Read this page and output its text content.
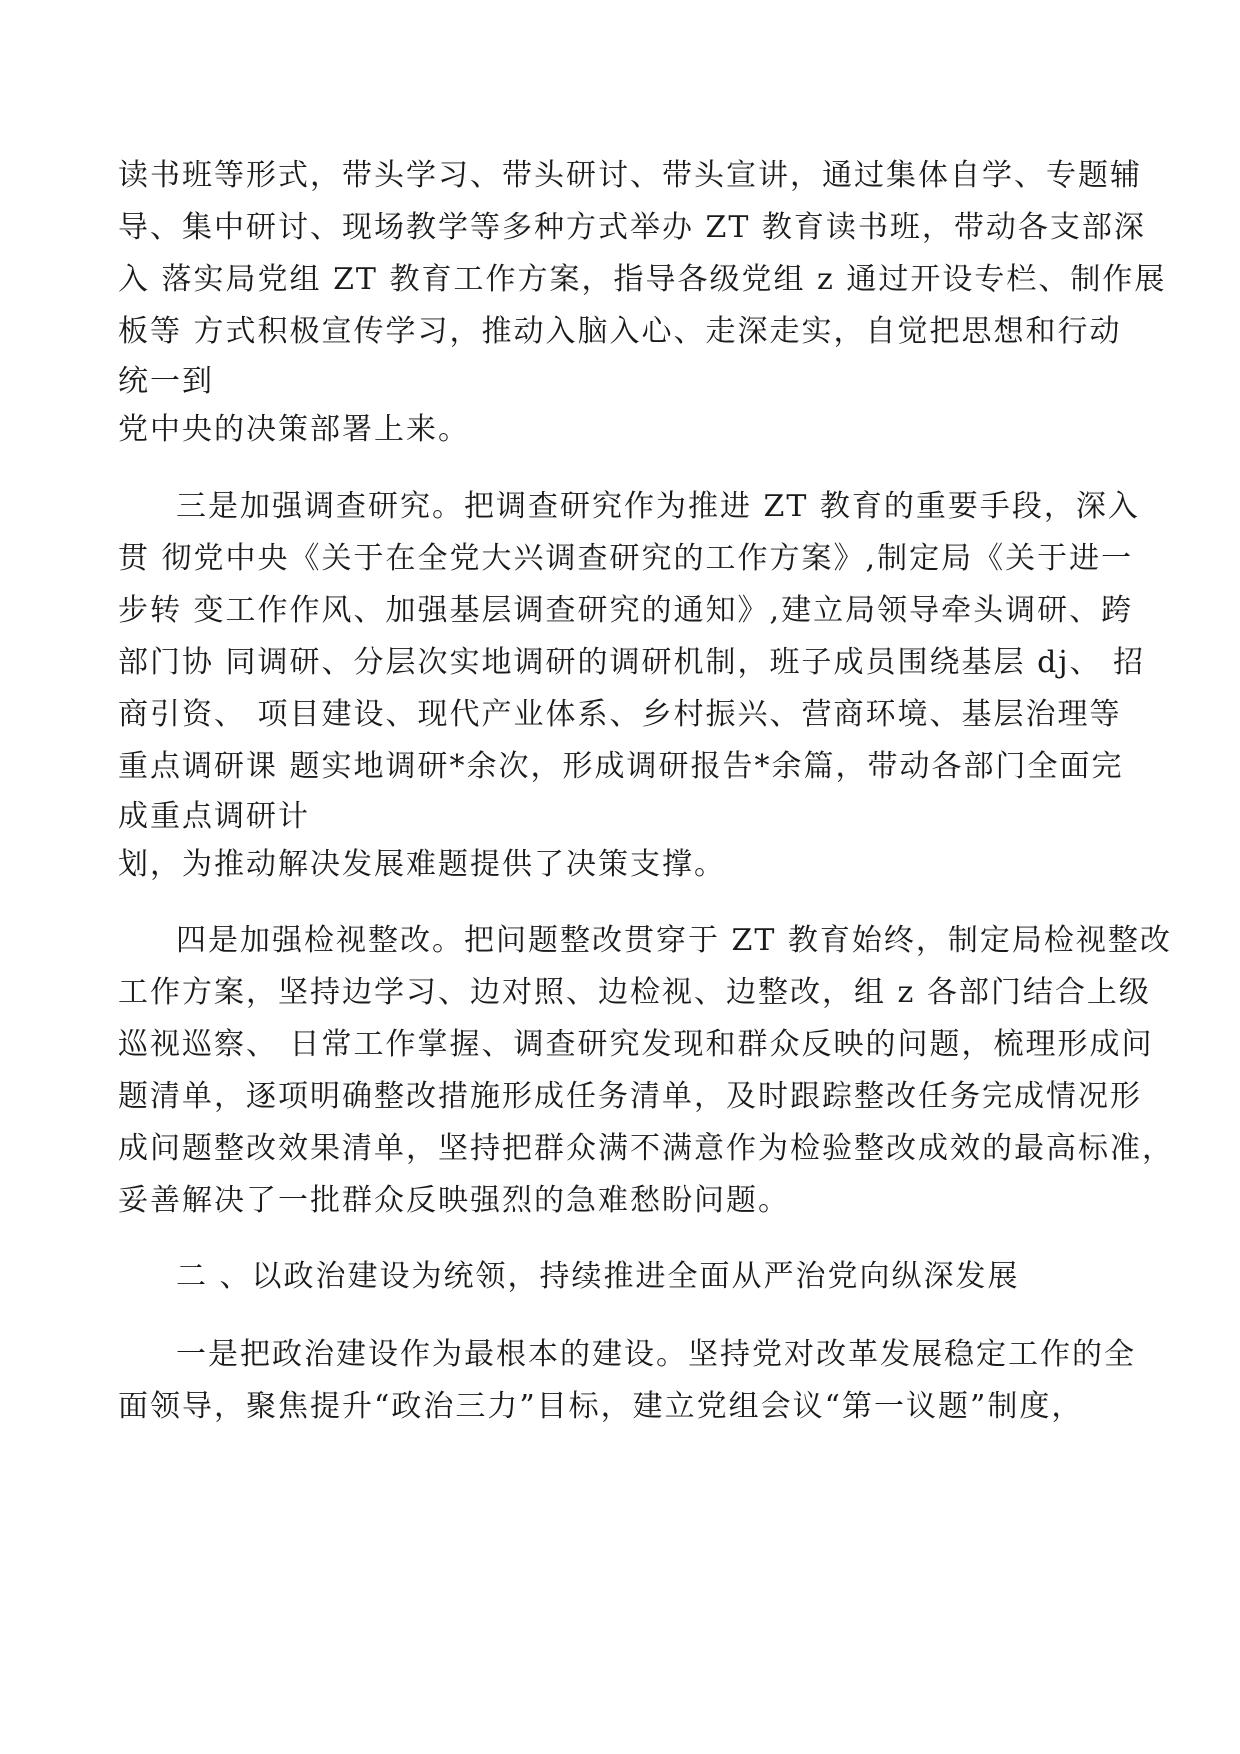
读书班等形式，带头学习、带头研讨、带头宣讲，通过集体自学、专题辅
导、集中研讨、现场教学等多种方式举办 ZT 教育读书班，带动各支部深
入 落实局党组 ZT 教育工作方案，指导各级党组 z 通过开设专栏、制作展
板等 方式积极宣传学习，推动入脑入心、走深走实，自觉把思想和行动
统一到
党中央的决策部署上来。
三是加强调查研究。把调查研究作为推进 ZT 教育的重要手段，深入
贯 彻党中央《关于在全党大兴调查研究的工作方案》,制定局《关于进一
步转 变工作作风、加强基层调查研究的通知》,建立局领导牵头调研、跨
部门协 同调研、分层次实地调研的调研机制，班子成员围绕基层 dj、 招
商引资、 项目建设、现代产业体系、乡村振兴、营商环境、基层治理等
重点调研课 题实地调研*余次，形成调研报告*余篇，带动各部门全面完
成重点调研计
划，为推动解决发展难题提供了决策支撑。
四是加强检视整改。把问题整改贯穿于 ZT 教育始终，制定局检视整改
工作方案，坚持边学习、边对照、边检视、边整改，组 z 各部门结合上级
巡视巡察、 日常工作掌握、调查研究发现和群众反映的问题，梳理形成问
题清单，逐项明确整改措施形成任务清单，及时跟踪整改任务完成情况形
成问题整改效果清单，坚持把群众满不满意作为检验整改成效的最高标准，
妥善解决了一批群众反映强烈的急难愁盼问题。
二 、以政治建设为统领，持续推进全面从严治党向纵深发展
一是把政治建设作为最根本的建设。坚持党对改革发展稳定工作的全
面领导，聚焦提升“政治三力”目标，建立党组会议“第一议题”制度，
